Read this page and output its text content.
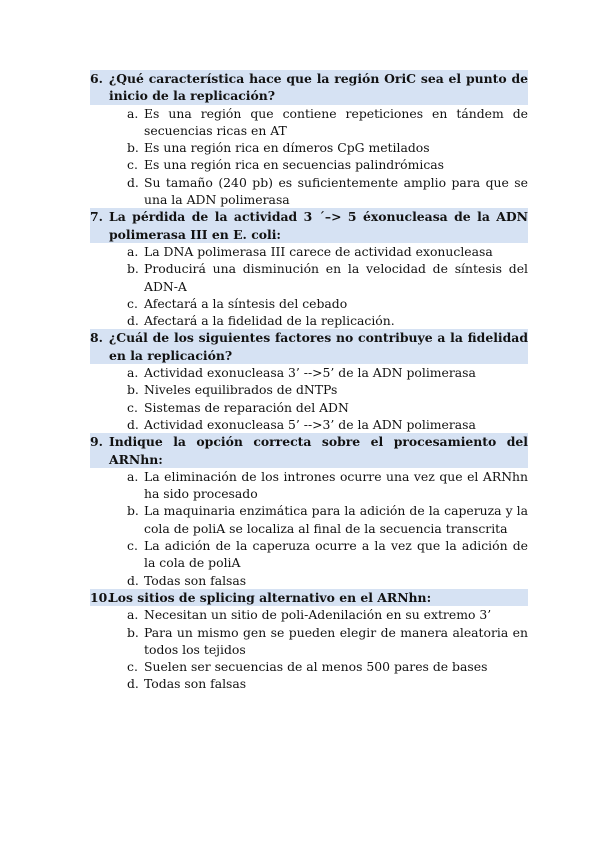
6. ¿Qué característica hace que la región OriC sea el punto de inicio de la replicación?
a. Es una región que contiene repeticiones en tándem de secuencias ricas en AT
b. Es una región rica en dímeros CpG metilados
c. Es una región rica en secuencias palindrómicas
d. Su tamaño (240 pb) es suficientemente amplio para que se una la ADN polimerasa
7. La pérdida de la actividad 3 ´–> 5 éxonucleasa de la ADN polimerasa III en E. coli:
a. La DNA polimerasa III carece de actividad exonucleasa
b. Producirá una disminución en la velocidad de síntesis del ADN-A
c. Afectará a la síntesis del cebado
d. Afectará a la fidelidad de la replicación.
8. ¿Cuál de los siguientes factores no contribuye a la fidelidad en la replicación?
a. Actividad exonucleasa 3’ -->5’ de la ADN polimerasa
b. Niveles equilibrados de dNTPs
c. Sistemas de reparación del ADN
d. Actividad exonucleasa 5’ -->3’ de la ADN polimerasa
9. Indique la opción correcta sobre el procesamiento del ARNhn:
a. La eliminación de los intrones ocurre una vez que el ARNhn ha sido procesado
b. La maquinaria enzimática para la adición de la caperuza y la cola de poliA se localiza al final de la secuencia transcrita
c. La adición de la caperuza ocurre a la vez que la adición de la cola de poliA
d. Todas son falsas
10.
Los sitios de splicing alternativo en el ARNhn:
a. Necesitan un sitio de poli-Adenilación en su extremo 3’
b. Para un mismo gen se pueden elegir de manera aleatoria en todos los tejidos
c. Suelen ser secuencias de al menos 500 pares de bases
d. Todas son falsas
